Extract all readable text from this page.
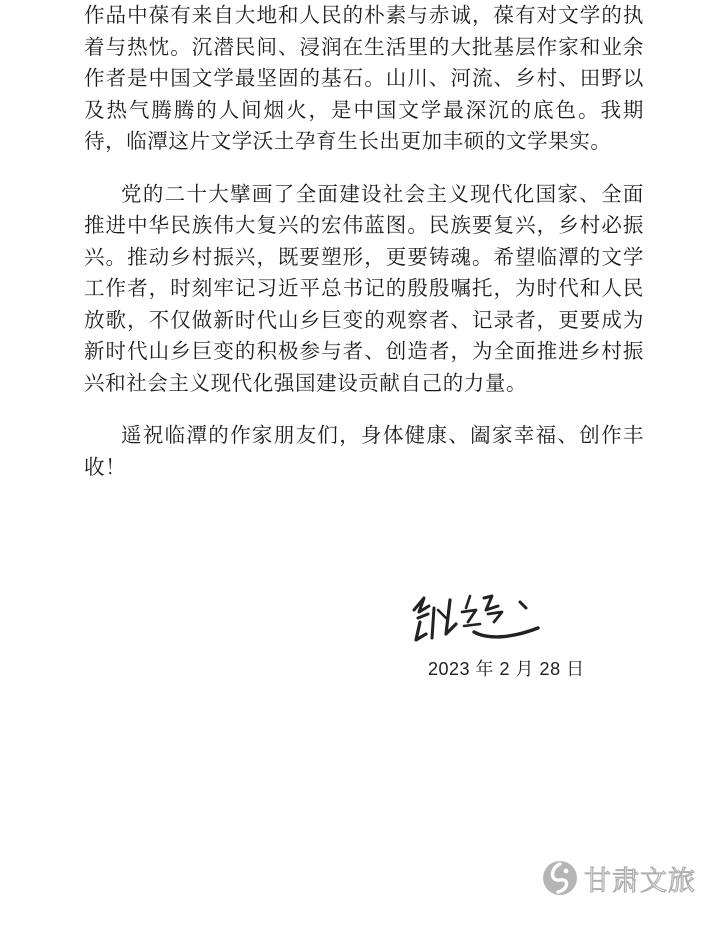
作品中葆有来自大地和人民的朴素与赤诚，葆有对文学的执着与热忱。沉潜民间、浸润在生活里的大批基层作家和业余作者是中国文学最坚固的基石。山川、河流、乡村、田野以及热气腾腾的人间烟火，是中国文学最深沉的底色。我期待，临潭这片文学沃土孕育生长出更加丰硕的文学果实。

党的二十大擘画了全面建设社会主义现代化国家、全面推进中华民族伟大复兴的宏伟蓝图。民族要复兴，乡村必振兴。推动乡村振兴，既要塑形，更要铸魂。希望临潭的文学工作者，时刻牢记习近平总书记的殷殷嘱托，为时代和人民放歌，不仅做新时代山乡巨变的观察者、记录者，更要成为新时代山乡巨变的积极参与者、创造者，为全面推进乡村振兴和社会主义现代化强国建设贡献自己的力量。

遥祝临潭的作家朋友们，身体健康、阖家幸福、创作丰收！

2023 年 2 月 28 日
甘肃文旅
